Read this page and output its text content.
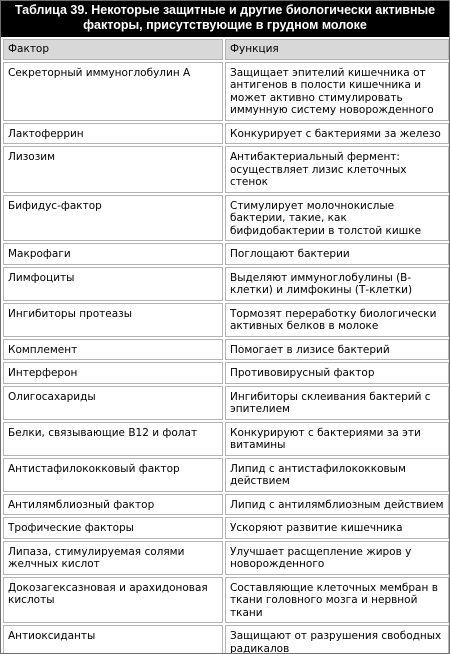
Таблица 39. Некоторые защитные и другие биологически активные
факторы, присутствующие в грудном молоке
Фактор	Функция
Секреторный иммуноглобулин А	Защищает эпителий кишечника от антигенов в полости кишечника и может активно стимулировать иммунную систему новорожденного
Лактоферрин	Конкурирует с бактериями за железо
Лизозим	Антибактериальный фермент: осуществляет лизис клеточных стенок
Бифидус-фактор	Стимулирует молочнокислые бактерии, такие, как бифидобактерии в толстой кишке
Макрофаги	Поглощают бактерии
Лимфоциты	Выделяют иммуноглобулины (В-клетки) и лимфокины (Т-клетки)
Ингибиторы протеазы	Тормозят переработку биологически активных белков в молоке
Комплемент	Помогает в лизисе бактерий
Интерферон	Противовирусный фактор
Олигосахариды	Ингибиторы склеивания бактерий с эпителием
Белки, связывающие В12 и фолат	Конкурируют с бактериями за эти витамины
Антистафилококковый фактор	Липид с антистафилококковым действием
Антилямблиозный фактор	Липид с антилямблиозным действием
Трофические факторы	Ускоряют развитие кишечника
Липаза, стимулируемая солями желчных кислот	Улучшает расщепление жиров у новорожденного
Докозагексазновая и арахидоновая кислоты	Составляющие клеточных мембран в ткани головного мозга и нервной ткани
Антиоксиданты	Защищают от разрушения свободных радикалов
